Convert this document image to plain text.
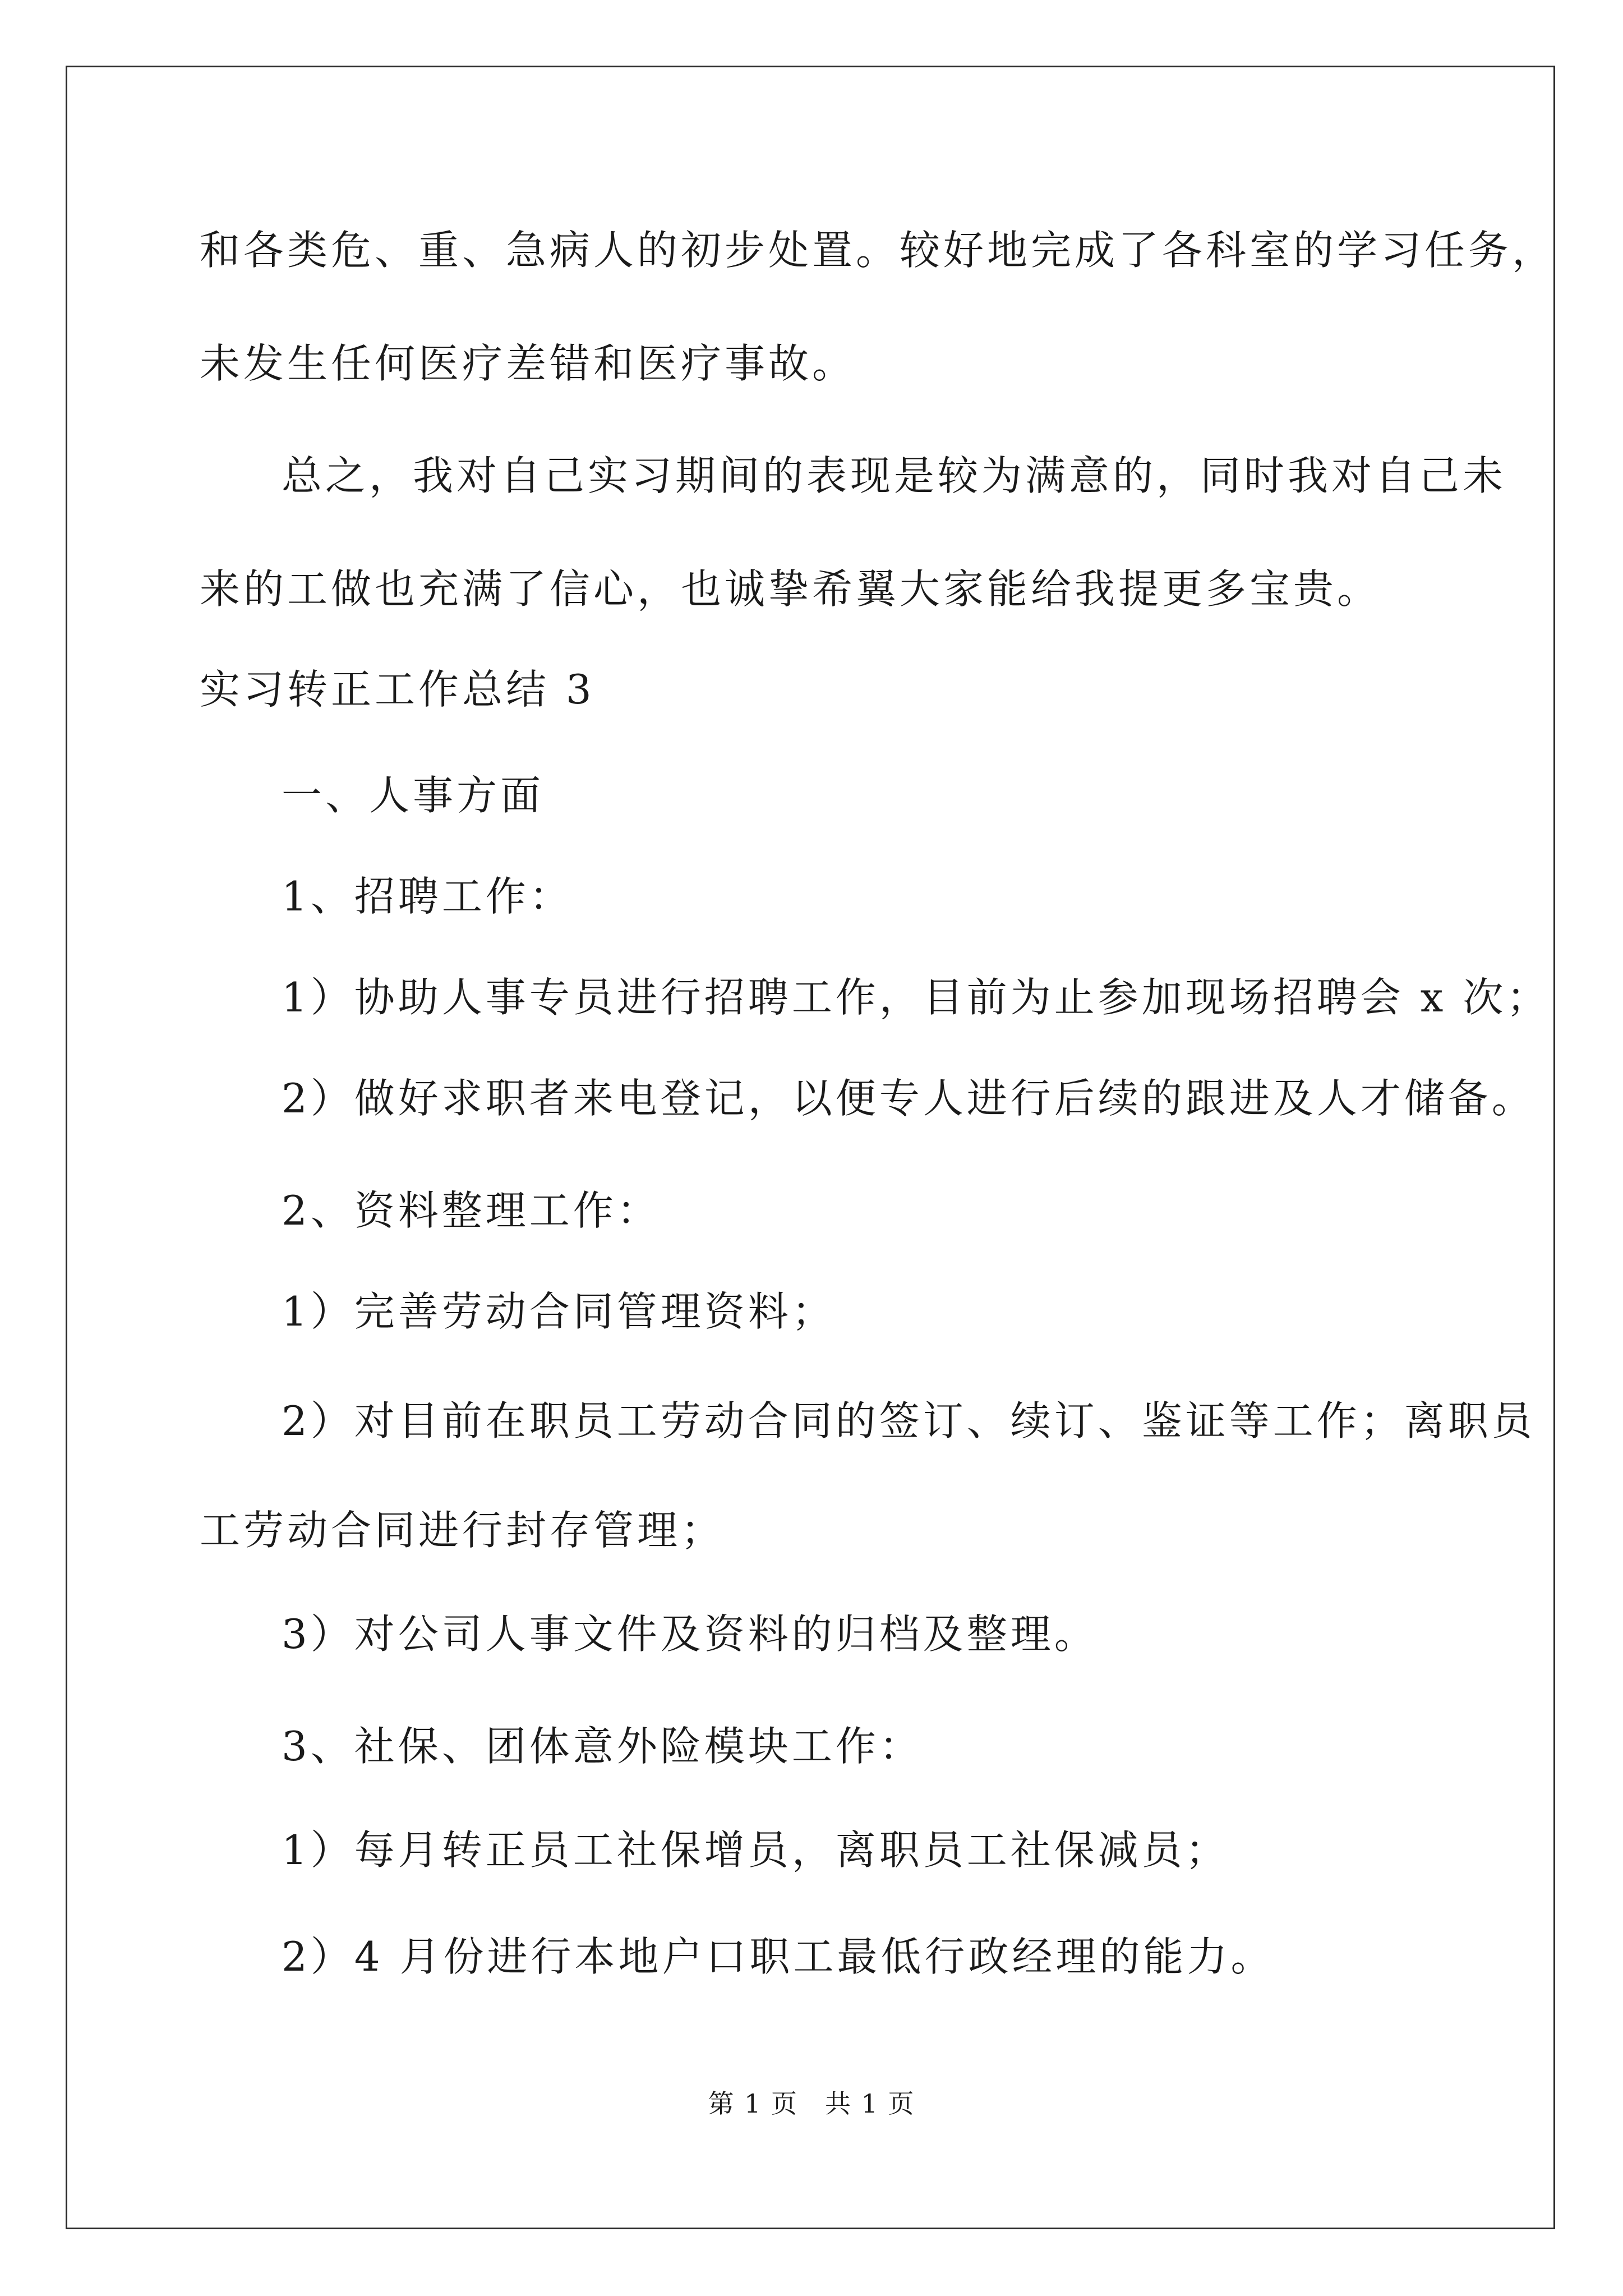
和各类危、重、急病人的初步处置。较好地完成了各科室的学习任务，
未发生任何医疗差错和医疗事故。
总之，我对自己实习期间的表现是较为满意的，同时我对自己未
来的工做也充满了信心，也诚挚希翼大家能给我提更多宝贵。
实习转正工作总结 3
一、人事方面
1、招聘工作：
1）协助人事专员进行招聘工作，目前为止参加现场招聘会 x 次；
2）做好求职者来电登记，以便专人进行后续的跟进及人才储备。
2、资料整理工作：
1）完善劳动合同管理资料；
2）对目前在职员工劳动合同的签订、续订、鉴证等工作；离职员
工劳动合同进行封存管理；
3）对公司人事文件及资料的归档及整理。
3、社保、团体意外险模块工作：
1）每月转正员工社保增员，离职员工社保减员；
2）4 月份进行本地户口职工最低行政经理的能力。
第 1 页　共 1 页
